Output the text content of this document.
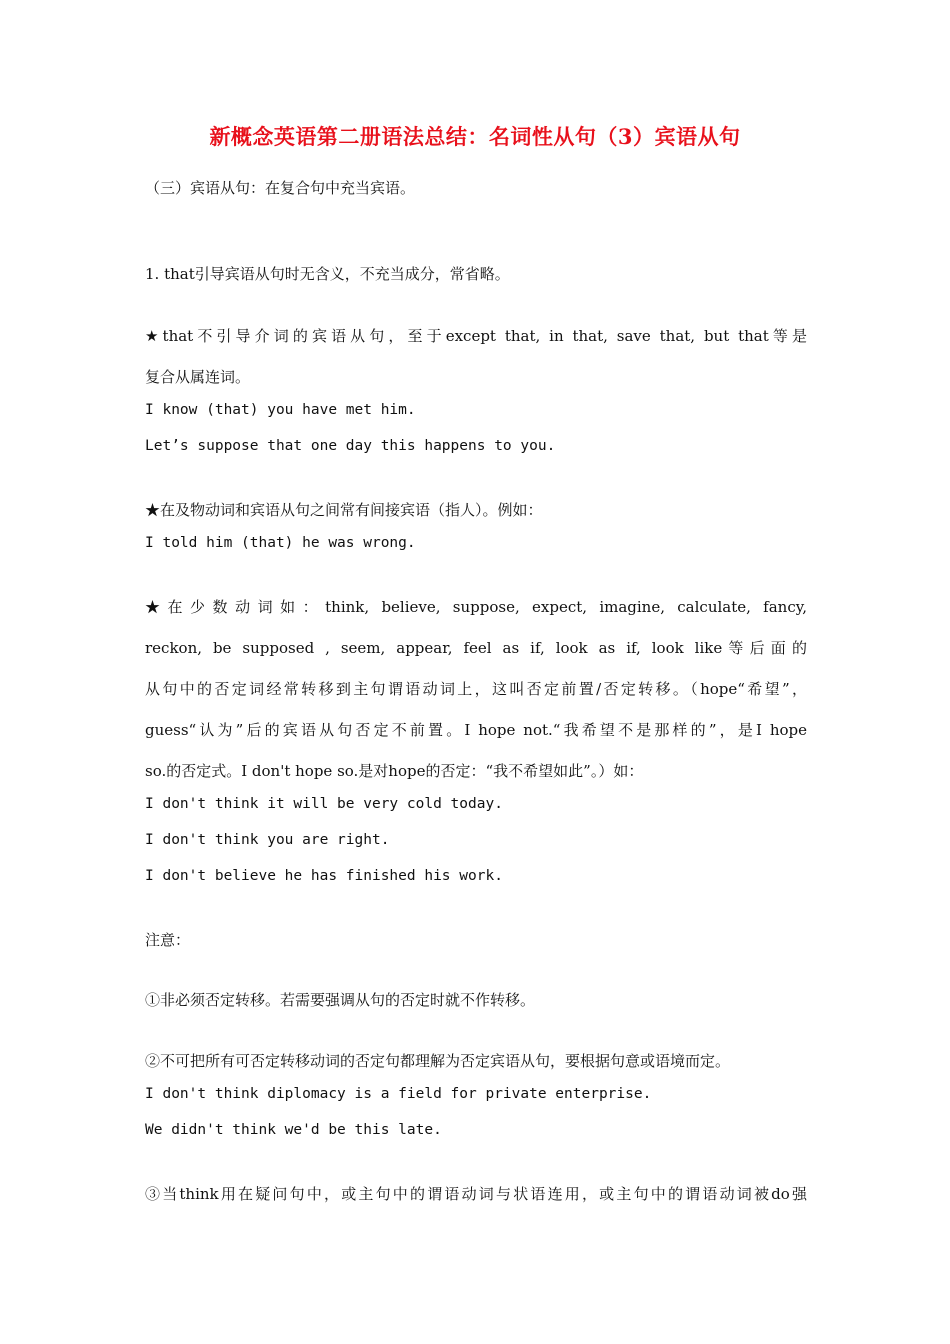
新概念英语第二册语法总结：名词性从句（3）宾语从句
（三）宾语从句：在复合句中充当宾语。
1. that引导宾语从句时无含义，不充当成分，常省略。
★that不引导介词的宾语从句，至于except that, in that, save that, but that等是
复合从属连词。
I know (that) you have met him.
Let’s suppose that one day this happens to you.
★在及物动词和宾语从句之间常有间接宾语（指人）。例如：
I told him (that) he was wrong.
★在少数动词如：think, believe, suppose, expect, imagine, calculate, fancy,
reckon, be supposed , seem, appear, feel as if, look as if, look like等后面的
从句中的否定词经常转移到主句谓语动词上，这叫否定前置/否定转移。（hope“希望”，
guess“认为”后的宾语从句否定不前置。I hope not.“我希望不是那样的”，是I hope
so.的否定式。I don't hope so.是对hope的否定：“我不希望如此”。）如：
I don't think it will be very cold today.
I don't think you are right.
I don't believe he has finished his work.
注意：
①非必须否定转移。若需要强调从句的否定时就不作转移。
②不可把所有可否定转移动词的否定句都理解为否定宾语从句，要根据句意或语境而定。
I don't think diplomacy is a field for private enterprise.
We didn't think we'd be this late.
③当think用在疑问句中，或主句中的谓语动词与状语连用，或主句中的谓语动词被do强
